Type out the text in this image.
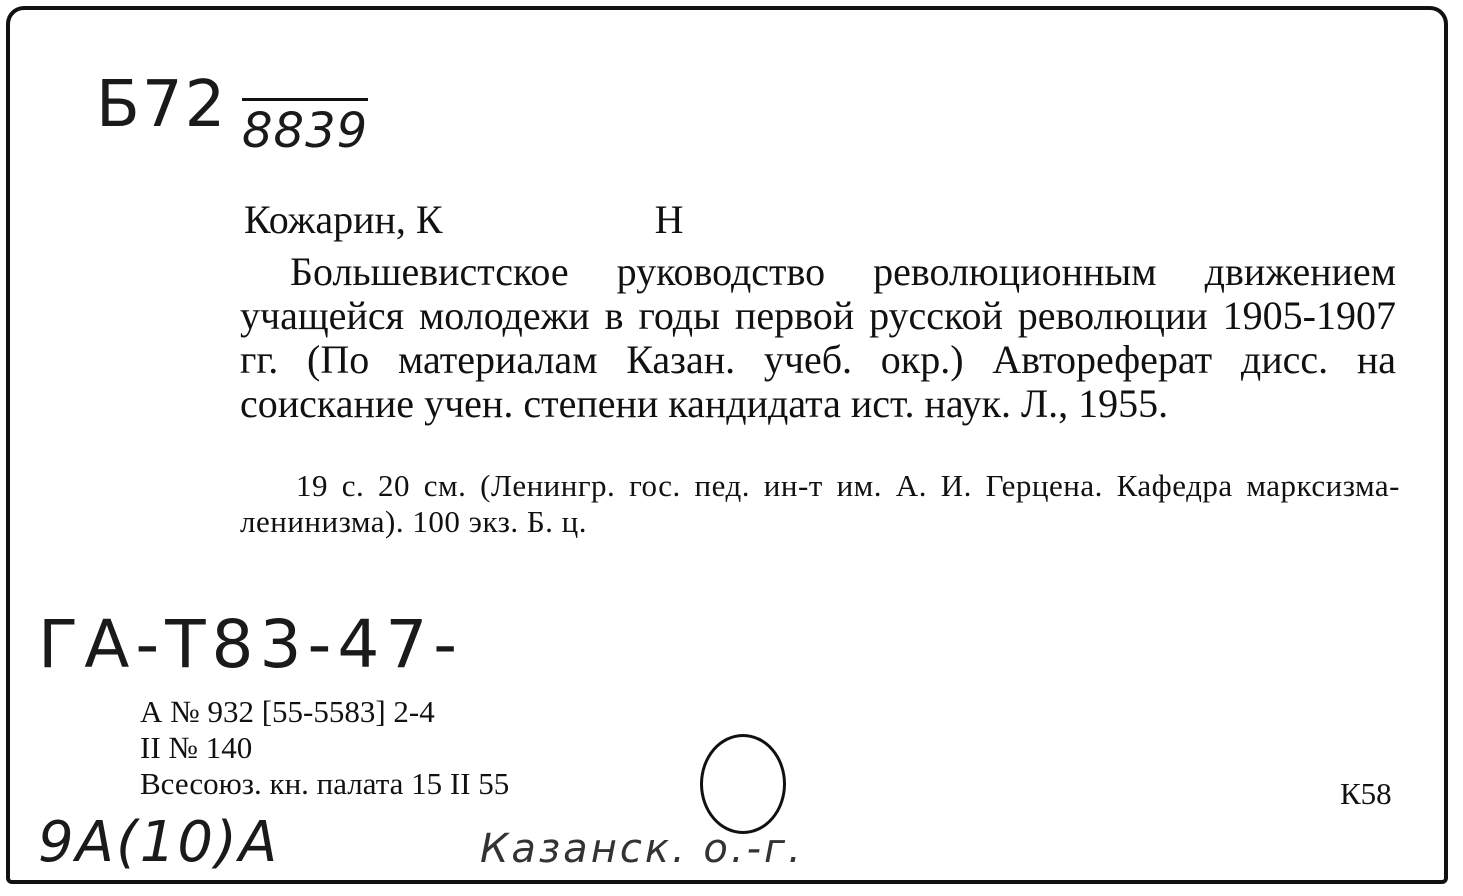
Б72 8839
Кожарин, К	Н

Большевистское руководство революционным движением учащейся молодежи в годы первой русской революции 1905-1907 гг. (По материалам Казан. учеб. окр.) Автореферат дисс. на соискание учен. степени кандидата ист. наук. Л., 1955.

19 с. 20 см. (Ленингр. гос. пед. ин-т им. А. И. Герцена. Кафедра марксизма-ленинизма). 100 экз. Б. ц.

ГА-Т83-47-
А № 932 [55-5583] 2-4
II № 140
Всесоюз. кн. палата 15 II 55	К58
9А(10)А	Казанск. о.-г.
